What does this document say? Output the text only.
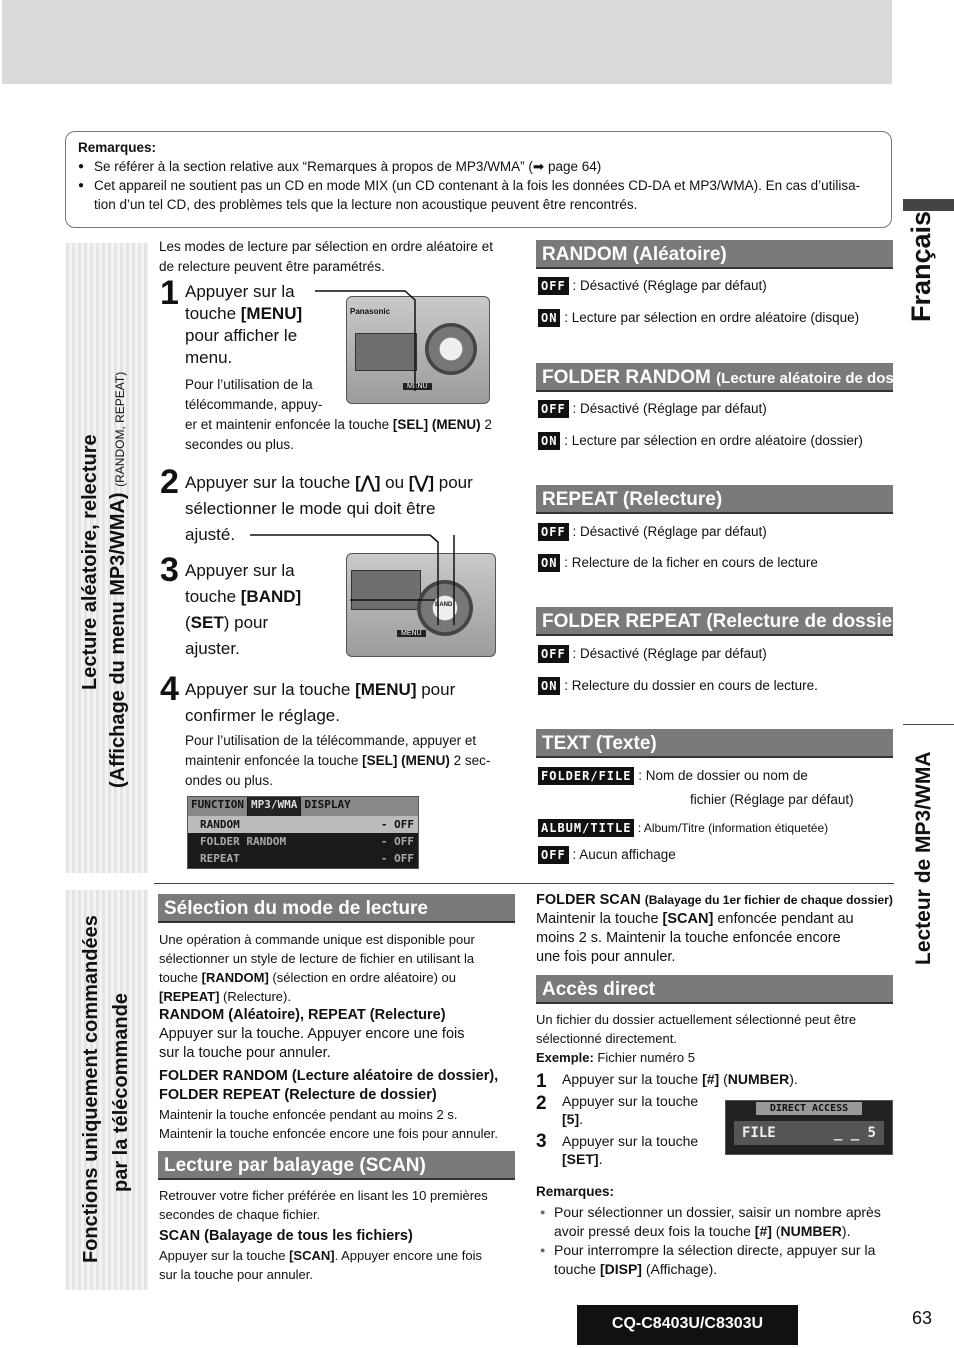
Remarques:
● Se référer à la section relative aux “Remarques à propos de MP3/WMA” (➡ page 64)
● Cet appareil ne soutient pas un CD en mode MIX (un CD contenant à la fois les données CD-DA et MP3/WMA). En cas d’utilisa-
tion d’un tel CD, des problèmes tels que la lecture non acoustique peuvent être rencontrés.
Français
Lecteur de MP3/WMA
Lecture aléatoire, relecture (Affichage du menu MP3/WMA) (RANDOM, REPEAT)
Fonctions uniquement commandées par la télécommande
Les modes de lecture par sélection en ordre aléatoire et
de relecture peuvent être paramétrés.
1 Appuyer sur la
touche [MENU]
pour afficher le
menu.
Pour l’utilisation de la
télécommande, appuy-
er et maintenir enfoncée la touche [SEL] (MENU) 2
secondes ou plus.
Panasonic
MENU
2 Appuyer sur la touche [⋀] ou [⋁] pour
sélectionner le mode qui doit être
ajusté.
3 Appuyer sur la
touche [BAND]
(SET) pour
ajuster.
BAND
MENU
4 Appuyer sur la touche [MENU] pour
confirmer le réglage.
Pour l’utilisation de la télécommande, appuyer et
maintenir enfoncée la touche [SEL] (MENU) 2 sec-
ondes ou plus.
FUNCTION MP3/WMA DISPLAY
RANDOM	- OFF
FOLDER RANDOM	- OFF
REPEAT	- OFF
RANDOM (Aléatoire)
OFF : Désactivé (Réglage par défaut)
ON : Lecture par sélection en ordre aléatoire (disque)
FOLDER RANDOM (Lecture aléatoire de dossier)
OFF : Désactivé (Réglage par défaut)
ON : Lecture par sélection en ordre aléatoire (dossier)
REPEAT (Relecture)
OFF : Désactivé (Réglage par défaut)
ON : Relecture de la ficher en cours de lecture
FOLDER REPEAT (Relecture de dossier)
OFF : Désactivé (Réglage par défaut)
ON : Relecture du dossier en cours de lecture.
TEXT (Texte)
FOLDER/FILE : Nom de dossier ou nom de
fichier (Réglage par défaut)
ALBUM/TITLE : Album/Titre (information étiquetée)
OFF : Aucun affichage
Sélection du mode de lecture
Une opération à commande unique est disponible pour
sélectionner un style de lecture de fichier en utilisant la
touche [RANDOM] (sélection en ordre aléatoire) ou
[REPEAT] (Relecture).
RANDOM (Aléatoire), REPEAT (Relecture)
Appuyer sur la touche. Appuyer encore une fois
sur la touche pour annuler.
FOLDER RANDOM (Lecture aléatoire de dossier),
FOLDER REPEAT (Relecture de dossier)
Maintenir la touche enfoncée pendant au moins 2 s.
Maintenir la touche enfoncée encore une fois pour annuler.
Lecture par balayage (SCAN)
Retrouver votre ficher préférée en lisant les 10 premières
secondes de chaque fichier.
SCAN (Balayage de tous les fichiers)
Appuyer sur la touche [SCAN]. Appuyer encore une fois
sur la touche pour annuler.
FOLDER SCAN (Balayage du 1er fichier de chaque dossier)
Maintenir la touche [SCAN] enfoncée pendant au
moins 2 s. Maintenir la touche enfoncée encore
une fois pour annuler.
Accès direct
Un fichier du dossier actuellement sélectionné peut être
sélectionné directement.
Exemple: Fichier numéro 5
1 Appuyer sur la touche [#] (NUMBER).
2 Appuyer sur la touche
[5].
3 Appuyer sur la touche
[SET].
DIRECT ACCESS
FILE	_ _ 5
Remarques:
● Pour sélectionner un dossier, saisir un nombre après
avoir pressé deux fois la touche [#] (NUMBER).
● Pour interrompre la sélection directe, appuyer sur la
touche [DISP] (Affichage).
CQ-C8403U/C8303U	63
